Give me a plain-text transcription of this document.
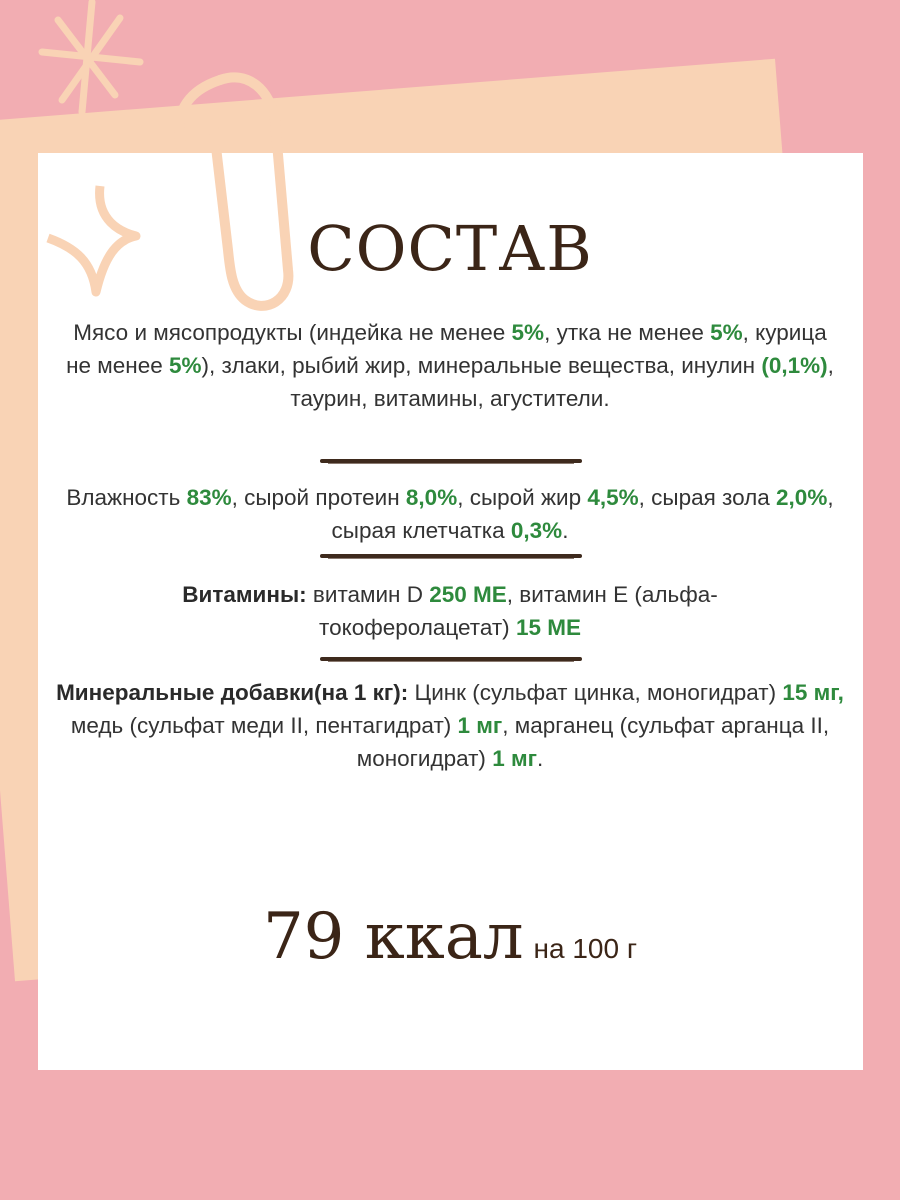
СОСТАВ

Мясо и мясопродукты (индейка не менее 5%, утка не менее 5%, курица не менее 5%), злаки, рыбий жир, минеральные вещества, инулин (0,1%), таурин, витамины, агустители.

Влажность 83%, сырой протеин 8,0%, сырой жир 4,5%, сырая зола 2,0%, сырая клетчатка 0,3%.

Витамины: витамин D 250 МЕ, витамин E (альфа-токоферолацетат) 15 МЕ

Минеральные добавки(на 1 кг): Цинк (сульфат цинка, моногидрат) 15 мг, медь (сульфат меди II, пентагидрат) 1 мг, марганец (сульфат арганца II, моногидрат) 1 мг.

79 ккал на 100 г
